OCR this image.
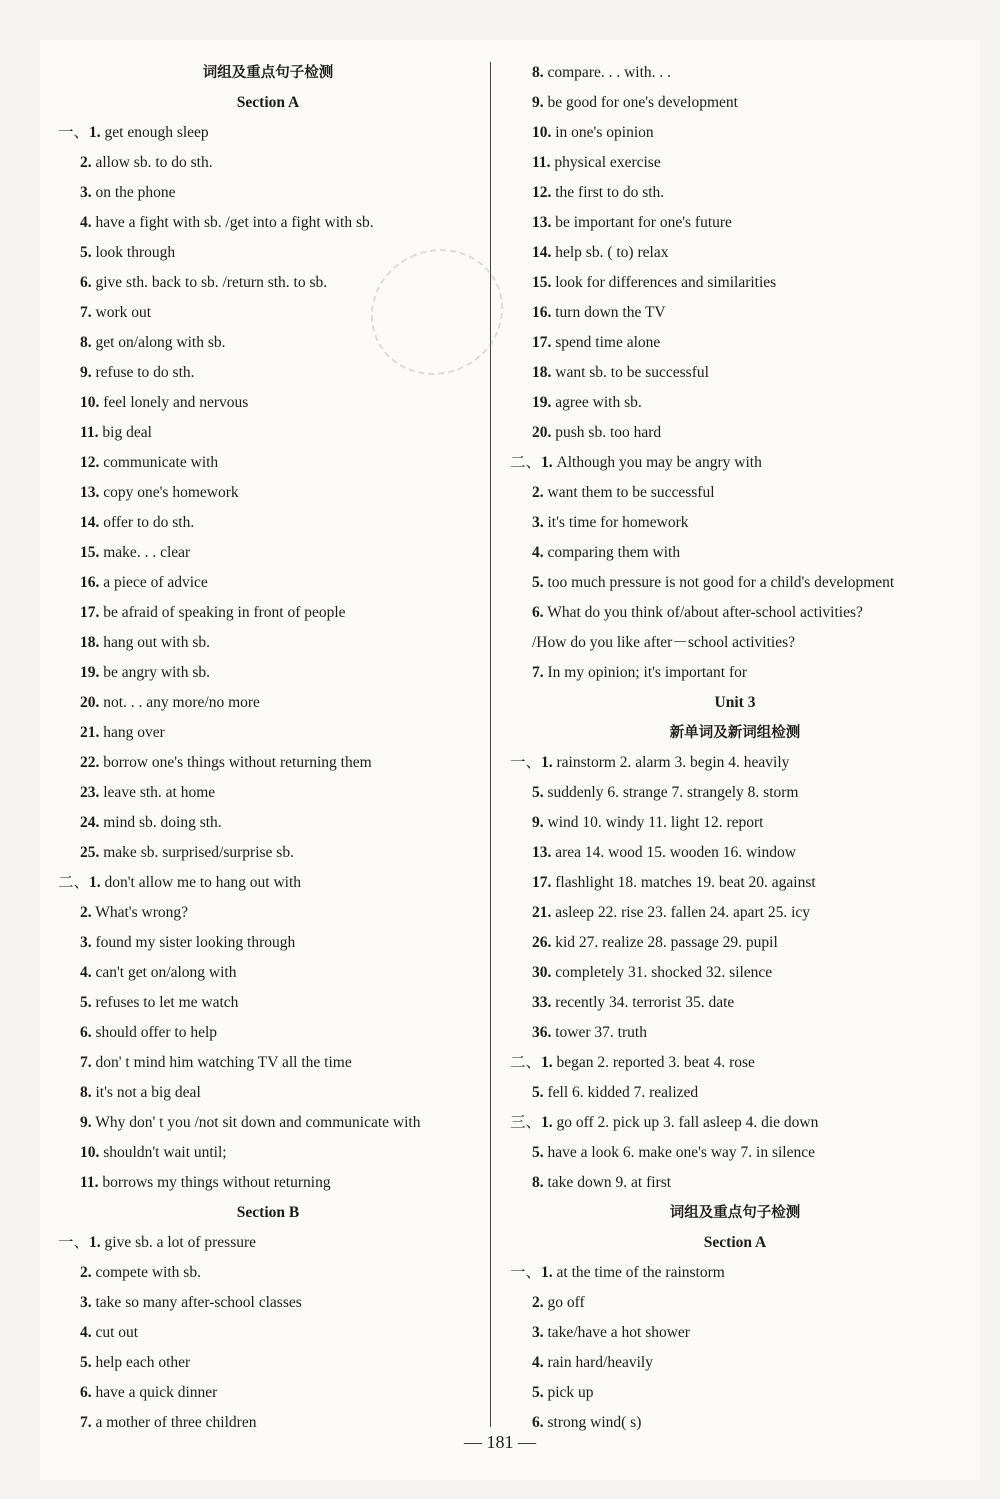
词组及重点句子检测
Section A
一、1. get enough sleep
2. allow sb. to do sth.
3. on the phone
4. have a fight with sb. /get into a fight with sb.
5. look through
6. give sth. back to sb. /return sth. to sb.
7. work out
8. get on/along with sb.
9. refuse to do sth.
10. feel lonely and nervous
11. big deal
12. communicate with
13. copy one's homework
14. offer to do sth.
15. make. . . clear
16. a piece of advice
17. be afraid of speaking in front of people
18. hang out with sb.
19. be angry with sb.
20. not. . . any more/no more
21. hang over
22. borrow one's things without returning them
23. leave sth. at home
24. mind sb. doing sth.
25. make sb. surprised/surprise sb.
二、1. don't allow me to hang out with
2. What's wrong?
3. found my sister looking through
4. can't get on/along with
5. refuses to let me watch
6. should offer to help
7. don' t mind him watching TV all the time
8. it's not a big deal
9. Why don' t you /not sit down and communicate with
10. shouldn't wait until;
11. borrows my things without returning
Section B
一、1. give sb. a lot of pressure
2. compete with sb.
3. take so many after-school classes
4. cut out
5. help each other
6. have a quick dinner
7. a mother of three children
8. compare. . . with. . .
9. be good for one's development
10. in one's opinion
11. physical exercise
12. the first to do sth.
13. be important for one's future
14. help sb. ( to) relax
15. look for differences and similarities
16. turn down the TV
17. spend time alone
18. want sb. to be successful
19. agree with sb.
20. push sb. too hard
二、1. Although you may be angry with
2. want them to be successful
3. it's time for homework
4. comparing them with
5. too much pressure is not good for a child's development
6. What do you think of/about after-school activities?
/How do you like after－school activities?
7. In my opinion; it's important for
Unit 3
新单词及新词组检测
一、1. rainstorm 2. alarm 3. begin 4. heavily
5. suddenly 6. strange 7. strangely 8. storm
9. wind 10. windy 11. light 12. report
13. area 14. wood 15. wooden 16. window
17. flashlight 18. matches 19. beat 20. against
21. asleep 22. rise 23. fallen 24. apart 25. icy
26. kid 27. realize 28. passage 29. pupil
30. completely 31. shocked 32. silence
33. recently 34. terrorist 35. date
36. tower 37. truth
二、1. began 2. reported 3. beat 4. rose
5. fell 6. kidded 7. realized
三、1. go off 2. pick up 3. fall asleep 4. die down
5. have a look 6. make one's way 7. in silence
8. take down 9. at first
词组及重点句子检测
Section A
一、1. at the time of the rainstorm
2. go off
3. take/have a hot shower
4. rain hard/heavily
5. pick up
6. strong wind( s)
— 181 —
